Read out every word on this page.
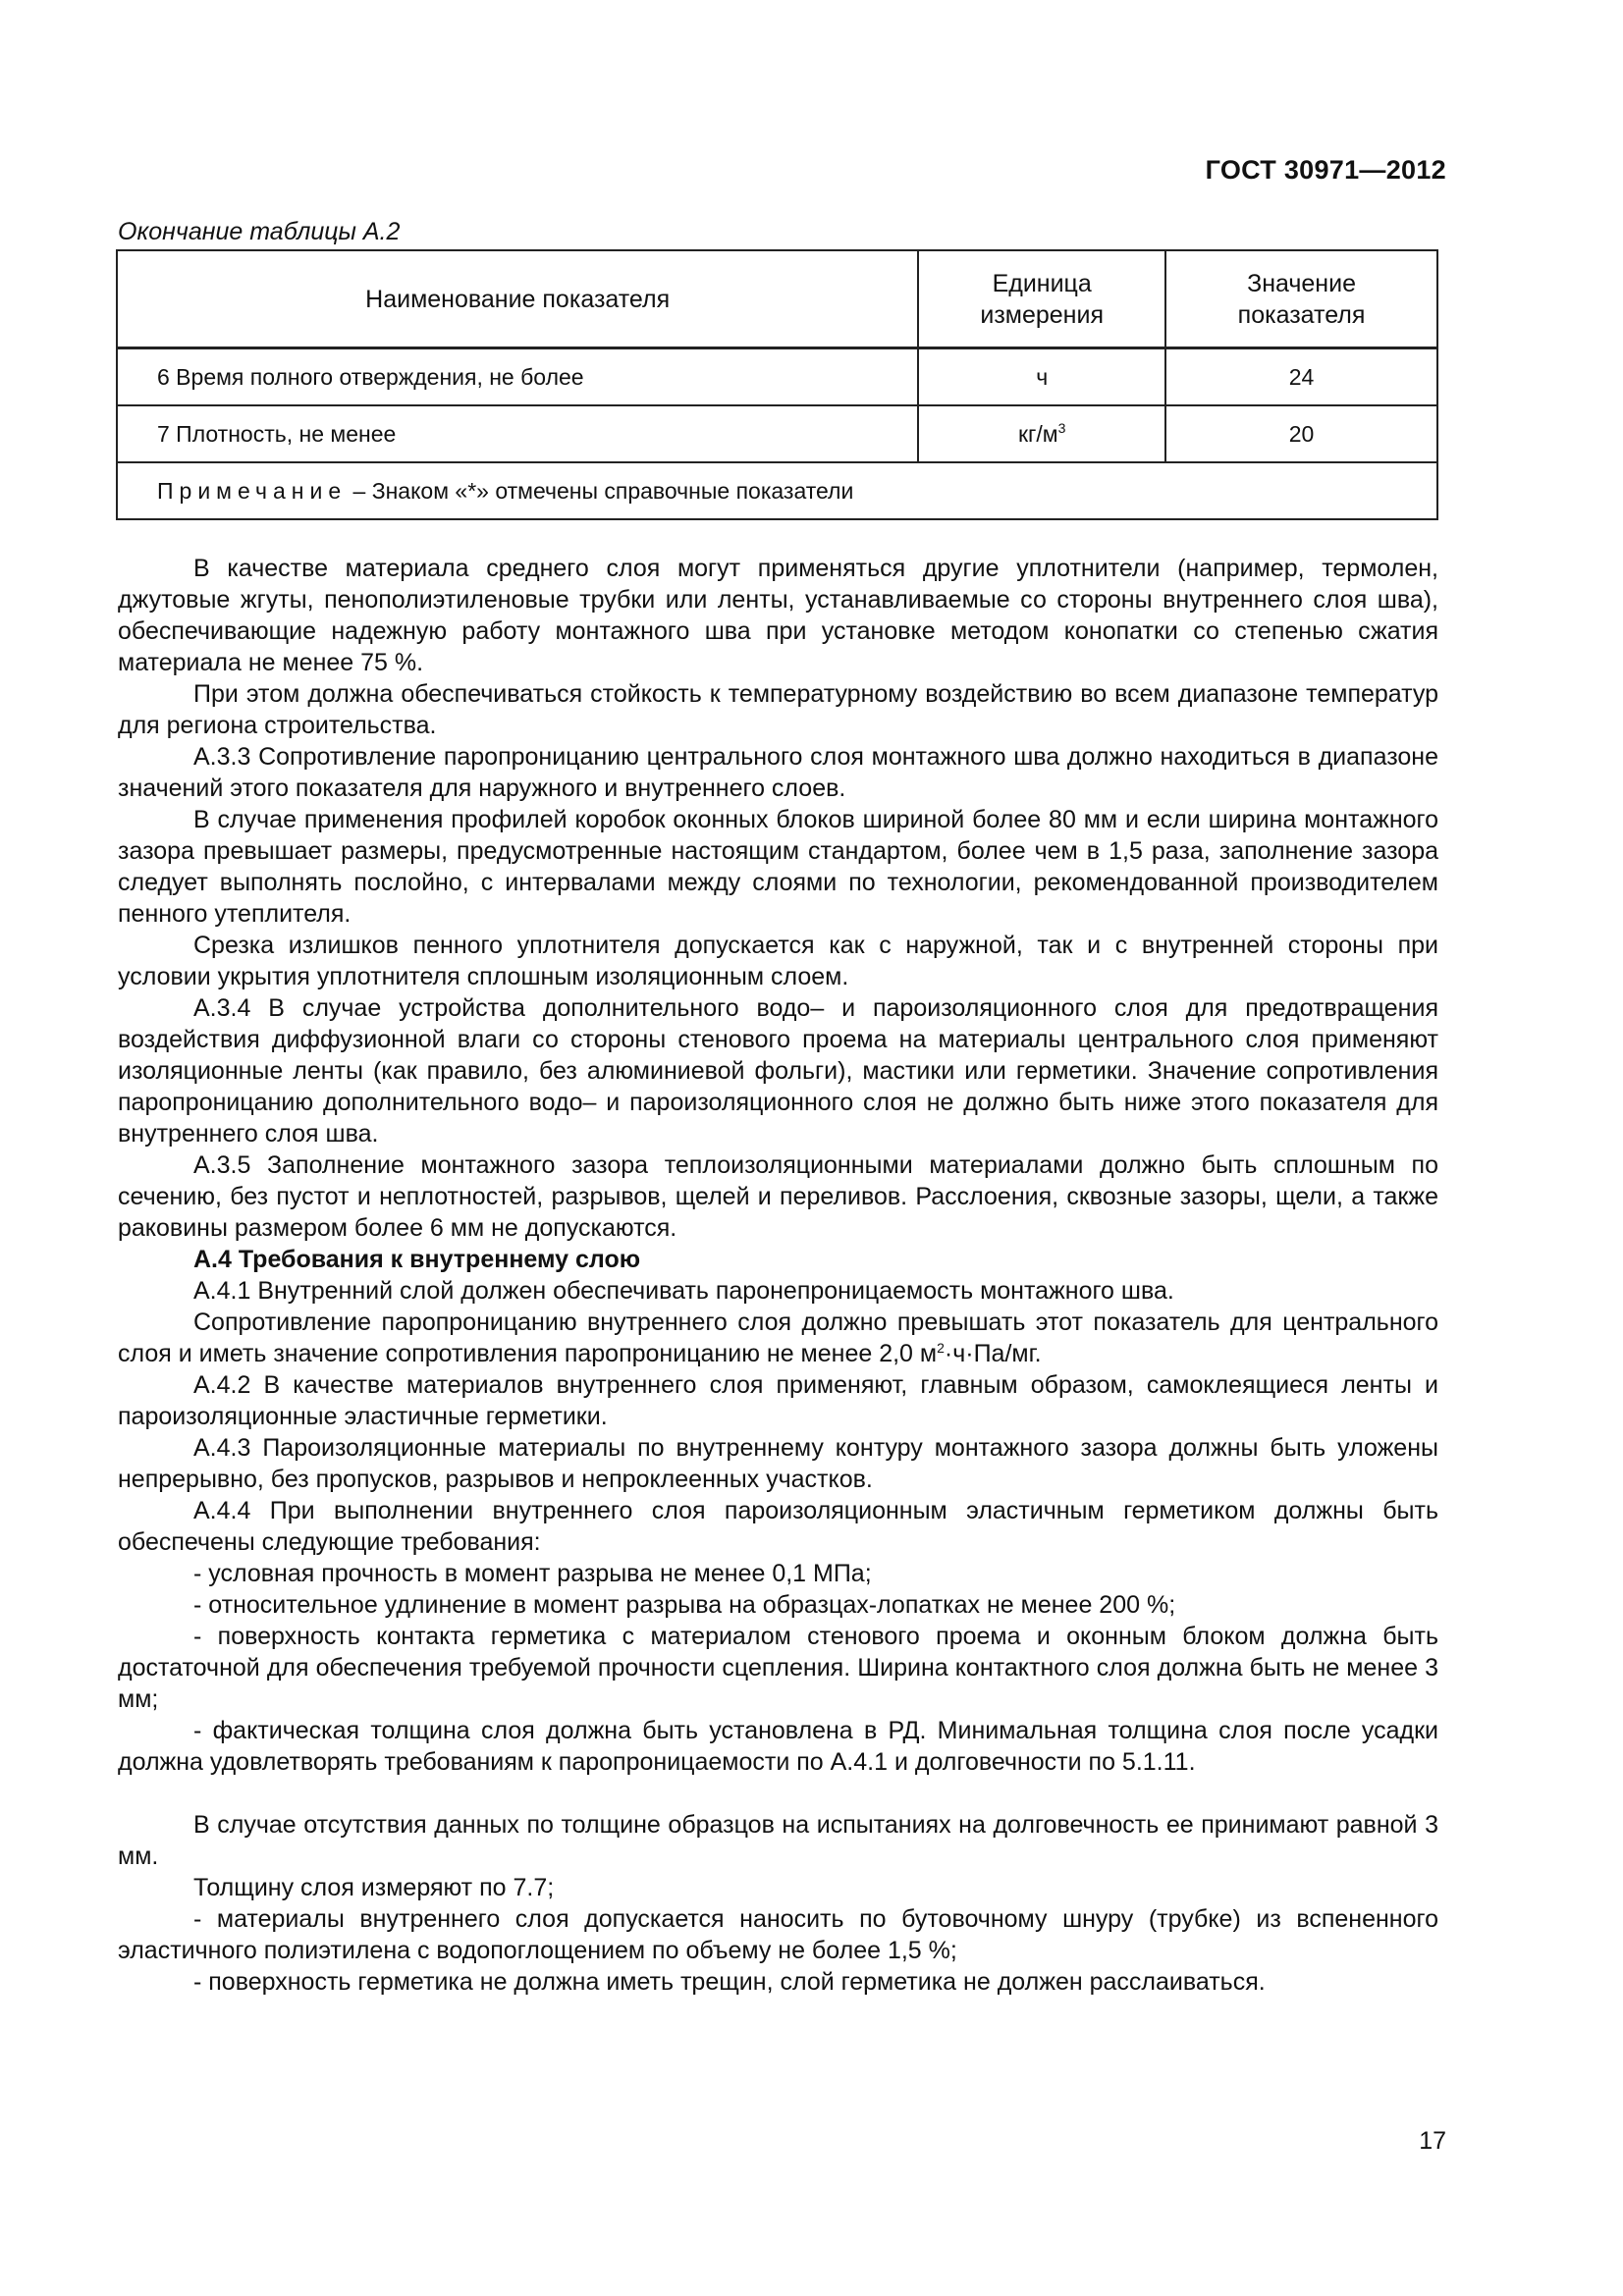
ГОСТ 30971—2012
Окончание таблицы А.2
Наименование показателя	Единица измерения	Значение показателя
6 Время полного отверждения, не более	ч	24
7 Плотность, не менее	$кг/м^3$	20
Примечание – Знаком «*» отмечены справочные показатели		

В качестве материала среднего слоя могут применяться другие уплотнители (например, термолен, джутовые жгуты, пенополиэтиленовые трубки или ленты, устанавливаемые со стороны внутреннего слоя шва), обеспечивающие надежную работу монтажного шва при установке методом конопатки со степенью сжатия материала не менее 75 %.

При этом должна обеспечиваться стойкость к температурному воздействию во всем диапазоне температур для региона строительства.

А.3.3 Сопротивление паропроницанию центрального слоя монтажного шва должно находиться в диапазоне значений этого показателя для наружного и внутреннего слоев.

В случае применения профилей коробок оконных блоков шириной более 80 мм и если ширина монтажного зазора превышает размеры, предусмотренные настоящим стандартом, более чем в 1,5 раза, заполнение зазора следует выполнять послойно, с интервалами между слоями по технологии, рекомендованной производителем пенного утеплителя.

Срезка излишков пенного уплотнителя допускается как с наружной, так и с внутренней стороны при условии укрытия уплотнителя сплошным изоляционным слоем.

А.3.4 В случае устройства дополнительного водо– и пароизоляционного слоя для предотвращения воздействия диффузионной влаги со стороны стенового проема на материалы центрального слоя применяют изоляционные ленты (как правило, без алюминиевой фольги), мастики или герметики. Значение сопротивления паропроницанию дополнительного водо– и пароизоляционного слоя не должно быть ниже этого показателя для внутреннего слоя шва.

А.3.5 Заполнение монтажного зазора теплоизоляционными материалами должно быть сплошным по сечению, без пустот и неплотностей, разрывов, щелей и переливов. Расслоения, сквозные зазоры, щели, а также раковины размером более 6 мм не допускаются.

А.4 Требования к внутреннему слою

А.4.1 Внутренний слой должен обеспечивать паронепроницаемость монтажного шва.

Сопротивление паропроницанию внутреннего слоя должно превышать этот показатель для центрального слоя и иметь значение сопротивления паропроницанию не менее 2,0 $м^2\cdot ч\cdot Па/мг$.

А.4.2 В качестве материалов внутреннего слоя применяют, главным образом, самоклеящиеся ленты и пароизоляционные эластичные герметики.

А.4.3 Пароизоляционные материалы по внутреннему контуру монтажного зазора должны быть уложены непрерывно, без пропусков, разрывов и непроклеенных участков.

А.4.4 При выполнении внутреннего слоя пароизоляционным эластичным герметиком должны быть обеспечены следующие требования:

- условная прочность в момент разрыва не менее 0,1 МПа;

- относительное удлинение в момент разрыва на образцах-лопатках не менее 200 %;

- поверхность контакта герметика с материалом стенового проема и оконным блоком должна быть достаточной для обеспечения требуемой прочности сцепления. Ширина контактного слоя должна быть не менее 3 мм;

- фактическая толщина слоя должна быть установлена в РД. Минимальная толщина слоя после усадки должна удовлетворять требованиям к паропроницаемости по А.4.1 и долговечности по 5.1.11.

В случае отсутствия данных по толщине образцов на испытаниях на долговечность ее принимают равной 3 мм.

Толщину слоя измеряют по 7.7;

- материалы внутреннего слоя допускается наносить по бутовочному шнуру (трубке) из вспененного эластичного полиэтилена с водопоглощением по объему не более 1,5 %;

- поверхность герметика не должна иметь трещин, слой герметика не должен расслаиваться.

17
